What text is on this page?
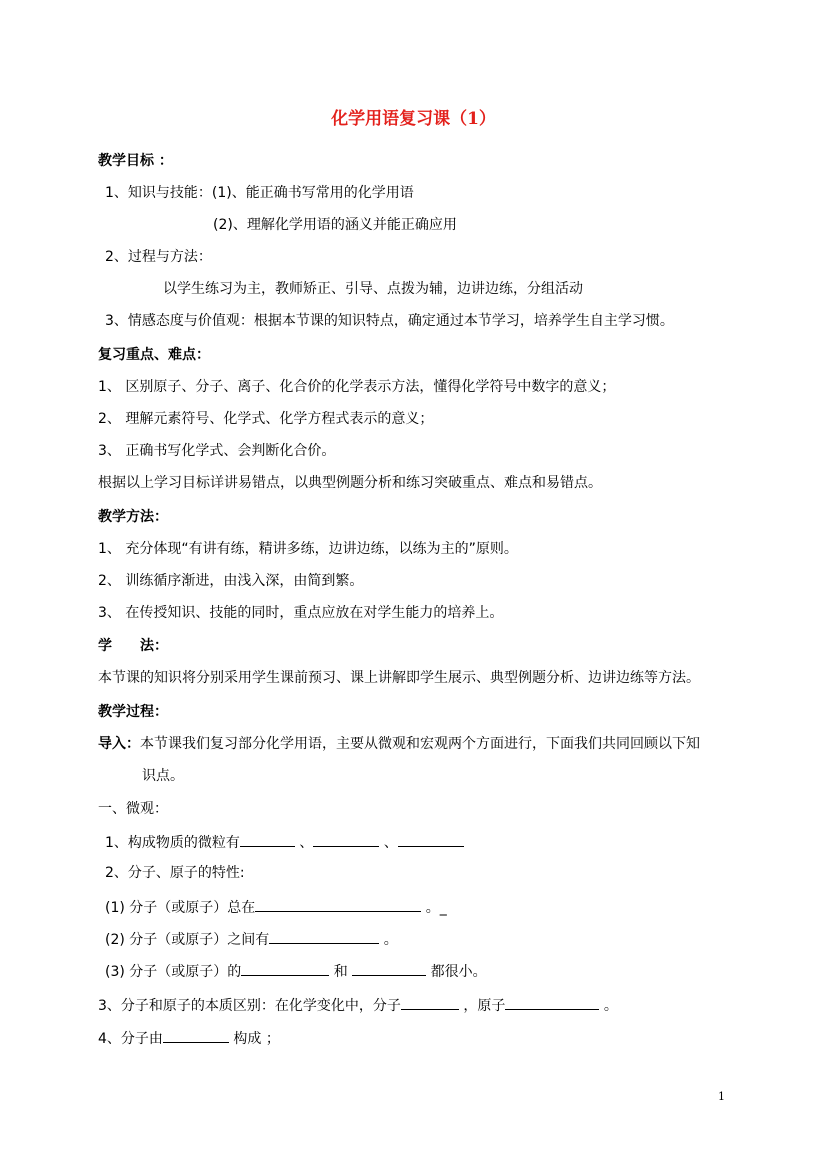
化学用语复习课（1）
教学目标 ：
1、知识与技能：(1)、能正确书写常用的化学用语
(2)、理解化学用语的涵义并能正确应用
2、过程与方法：
以学生练习为主，教师矫正、引导、点拨为辅，边讲边练，分组活动
3、情感态度与价值观：根据本节课的知识特点，确定通过本节学习，培养学生自主学习惯。
复习重点、难点：
1、 区别原子、分子、离子、化合价的化学表示方法，懂得化学符号中数字的意义；
2、 理解元素符号、化学式、化学方程式表示的意义；
3、 正确书写化学式、会判断化合价。
根据以上学习目标详讲易错点，以典型例题分析和练习突破重点、难点和易错点。
教学方法：
1、 充分体现“有讲有练，精讲多练，边讲边练，以练为主的”原则。
2、 训练循序渐进，由浅入深，由简到繁。
3、 在传授知识、技能的同时，重点应放在对学生能力的培养上。
学　　法：
本节课的知识将分别采用学生课前预习、课上讲解即学生展示、典型例题分析、边讲边练等方法。
教学过程：
导入：本节课我们复习部分化学用语，主要从微观和宏观两个方面进行，下面我们共同回顾以下知
识点。
一、微观：
1、构成物质的微粒有	、	、
2、分子、原子的特性:
(1) 分子（或原子）总在	。_
(2) 分子（或原子）之间有	。
(3) 分子（或原子）的	和	都很小。
3、分子和原子的本质区别：在化学变化中，分子	，原子	。
4、分子由	构成 ；
1
